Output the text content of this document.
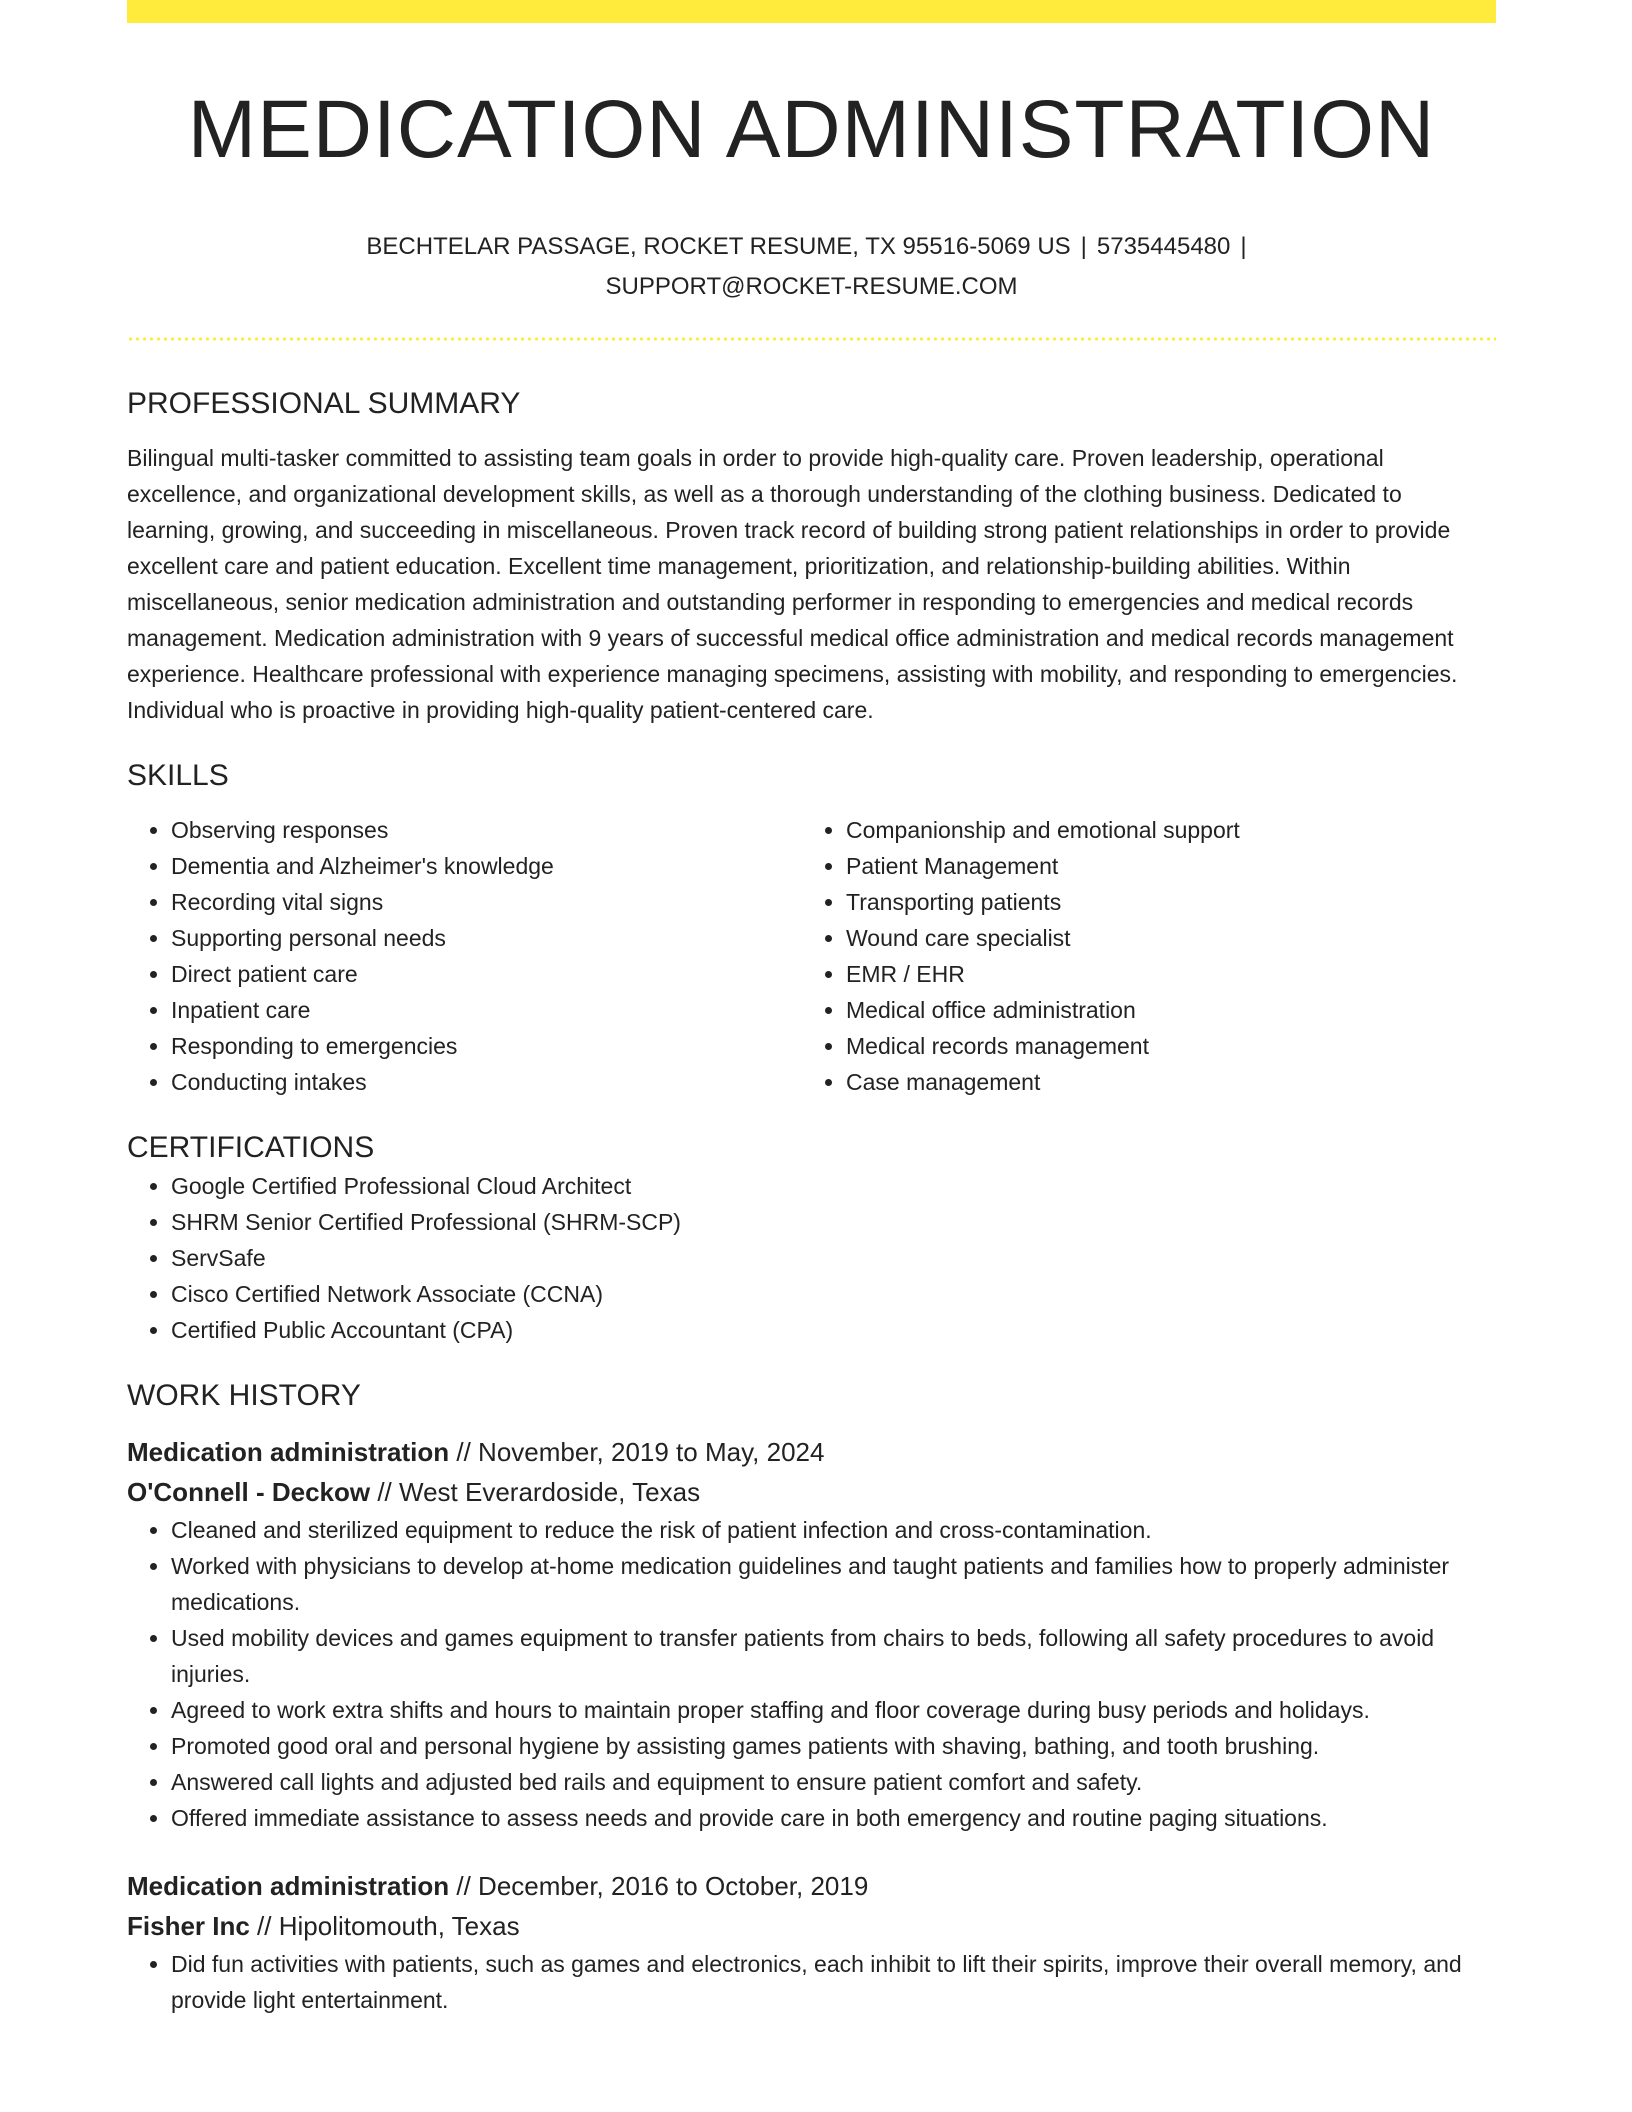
MEDICATION ADMINISTRATION
BECHTELAR PASSAGE, ROCKET RESUME, TX 95516-5069 US | 5735445480 |
SUPPORT@ROCKET-RESUME.COM
PROFESSIONAL SUMMARY

Bilingual multi-tasker committed to assisting team goals in order to provide high-quality care. Proven leadership, operational excellence, and organizational development skills, as well as a thorough understanding of the clothing business. Dedicated to learning, growing, and succeeding in miscellaneous. Proven track record of building strong patient relationships in order to provide excellent care and patient education. Excellent time management, prioritization, and relationship-building abilities. Within miscellaneous, senior medication administration and outstanding performer in responding to emergencies and medical records management. Medication administration with 9 years of successful medical office administration and medical records management experience. Healthcare professional with experience managing specimens, assisting with mobility, and responding to emergencies. Individual who is proactive in providing high-quality patient-centered care.

SKILLS
• Observing responses
• Dementia and Alzheimer's knowledge
• Recording vital signs
• Supporting personal needs
• Direct patient care
• Inpatient care
• Responding to emergencies
• Conducting intakes
• Companionship and emotional support
• Patient Management
• Transporting patients
• Wound care specialist
• EMR / EHR
• Medical office administration
• Medical records management
• Case management
CERTIFICATIONS
• Google Certified Professional Cloud Architect
• SHRM Senior Certified Professional (SHRM-SCP)
• ServSafe
• Cisco Certified Network Associate (CCNA)
• Certified Public Accountant (CPA)
WORK HISTORY
Medication administration // November, 2019 to May, 2024
O'Connell - Deckow // West Everardoside, Texas
• Cleaned and sterilized equipment to reduce the risk of patient infection and cross-contamination.
• Worked with physicians to develop at-home medication guidelines and taught patients and families how to properly administer medications.
• Used mobility devices and games equipment to transfer patients from chairs to beds, following all safety procedures to avoid injuries.
• Agreed to work extra shifts and hours to maintain proper staffing and floor coverage during busy periods and holidays.
• Promoted good oral and personal hygiene by assisting games patients with shaving, bathing, and tooth brushing.
• Answered call lights and adjusted bed rails and equipment to ensure patient comfort and safety.
• Offered immediate assistance to assess needs and provide care in both emergency and routine paging situations.
Medication administration // December, 2016 to October, 2019
Fisher Inc // Hipolitomouth, Texas
• Did fun activities with patients, such as games and electronics, each inhibit to lift their spirits, improve their overall memory, and provide light entertainment.
